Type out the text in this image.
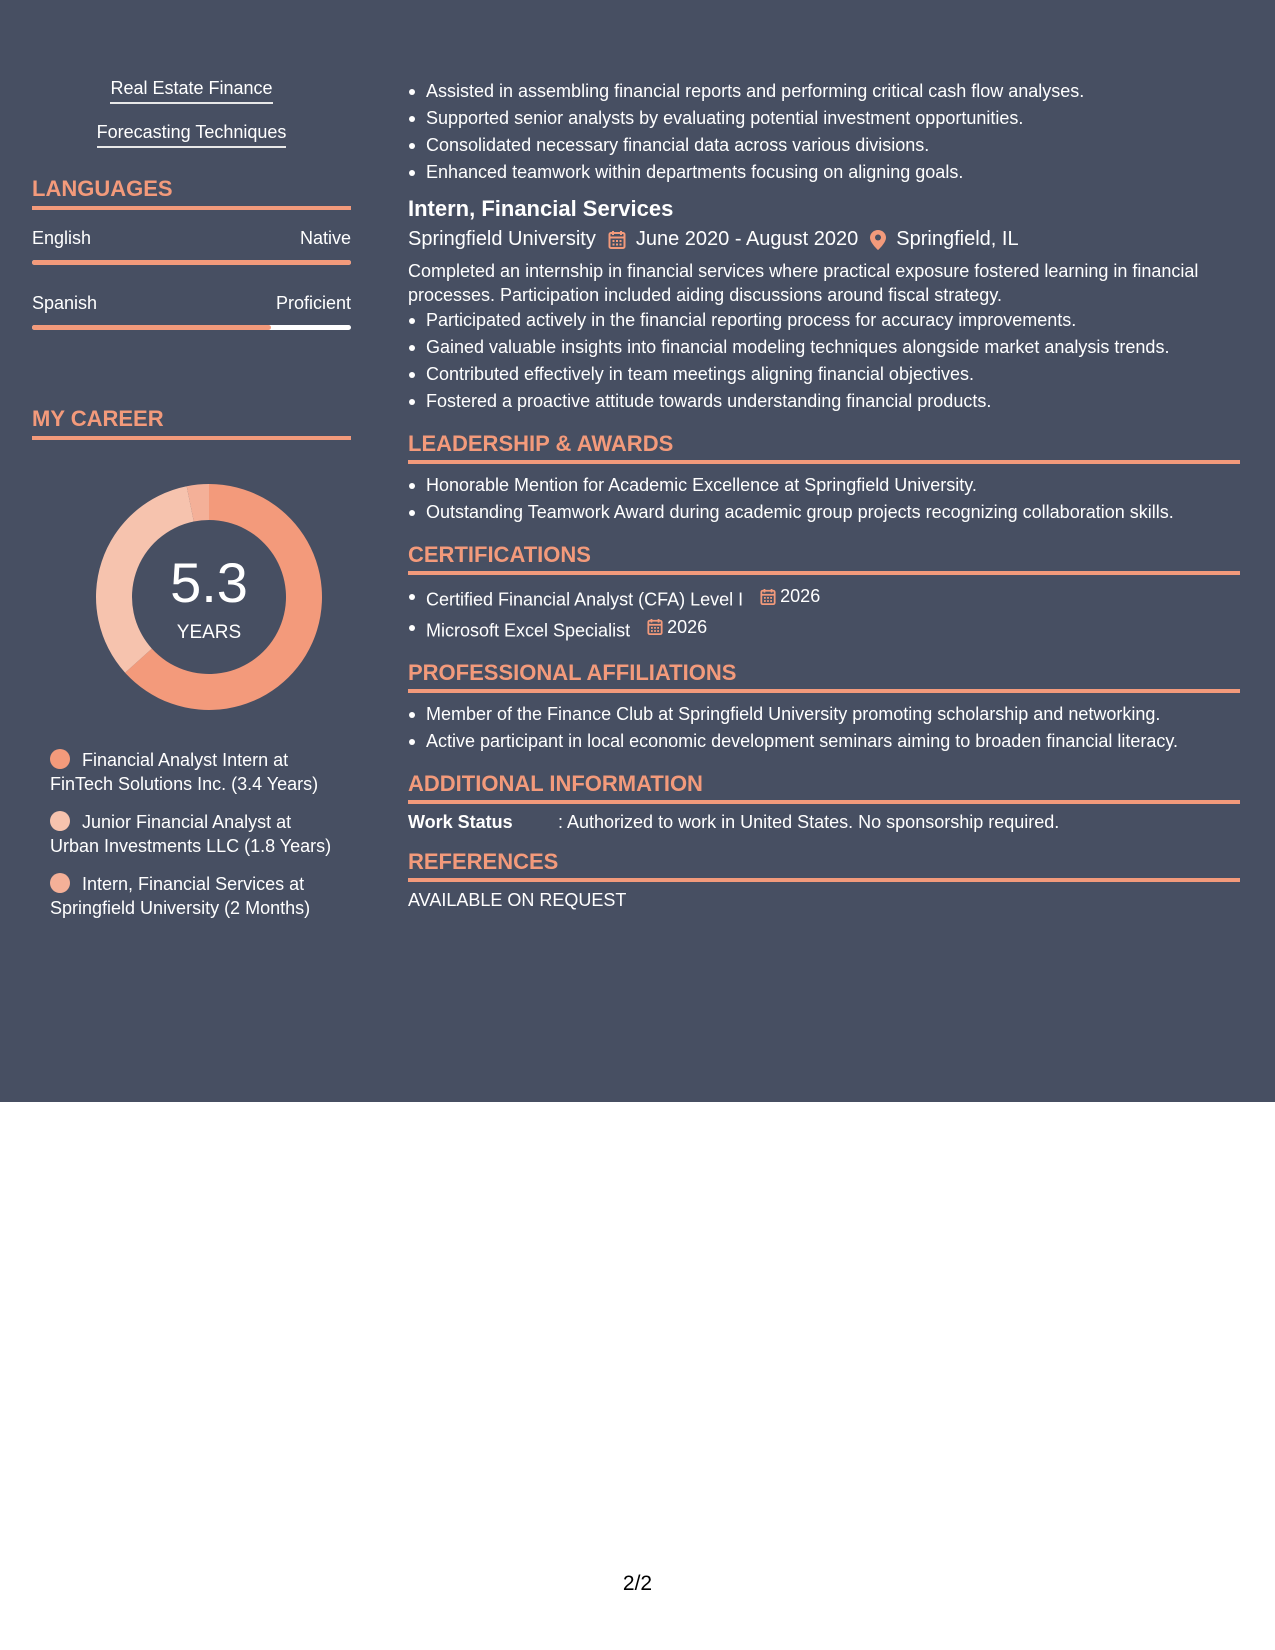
Real Estate Finance
Forecasting Techniques
LANGUAGES
English	Native
Spanish	Proficient
MY CAREER
5.3
YEARS
Financial Analyst Intern at FinTech Solutions Inc. (3.4 Years)
Junior Financial Analyst at Urban Investments LLC (1.8 Years)
Intern, Financial Services at Springfield University (2 Months)
Assisted in assembling financial reports and performing critical cash flow analyses.
Supported senior analysts by evaluating potential investment opportunities.
Consolidated necessary financial data across various divisions.
Enhanced teamwork within departments focusing on aligning goals.
Intern, Financial Services
Springfield University June 2020 - August 2020 Springfield, IL
Completed an internship in financial services where practical exposure fostered learning in financial processes. Participation included aiding discussions around fiscal strategy.
Participated actively in the financial reporting process for accuracy improvements.
Gained valuable insights into financial modeling techniques alongside market analysis trends.
Contributed effectively in team meetings aligning financial objectives.
Fostered a proactive attitude towards understanding financial products.
LEADERSHIP & AWARDS
Honorable Mention for Academic Excellence at Springfield University.
Outstanding Teamwork Award during academic group projects recognizing collaboration skills.
CERTIFICATIONS
Certified Financial Analyst (CFA) Level I 2026
Microsoft Excel Specialist 2026
PROFESSIONAL AFFILIATIONS
Member of the Finance Club at Springfield University promoting scholarship and networking.
Active participant in local economic development seminars aiming to broaden financial literacy.
ADDITIONAL INFORMATION
Work Status	: Authorized to work in United States. No sponsorship required.
REFERENCES
AVAILABLE ON REQUEST
2/2
